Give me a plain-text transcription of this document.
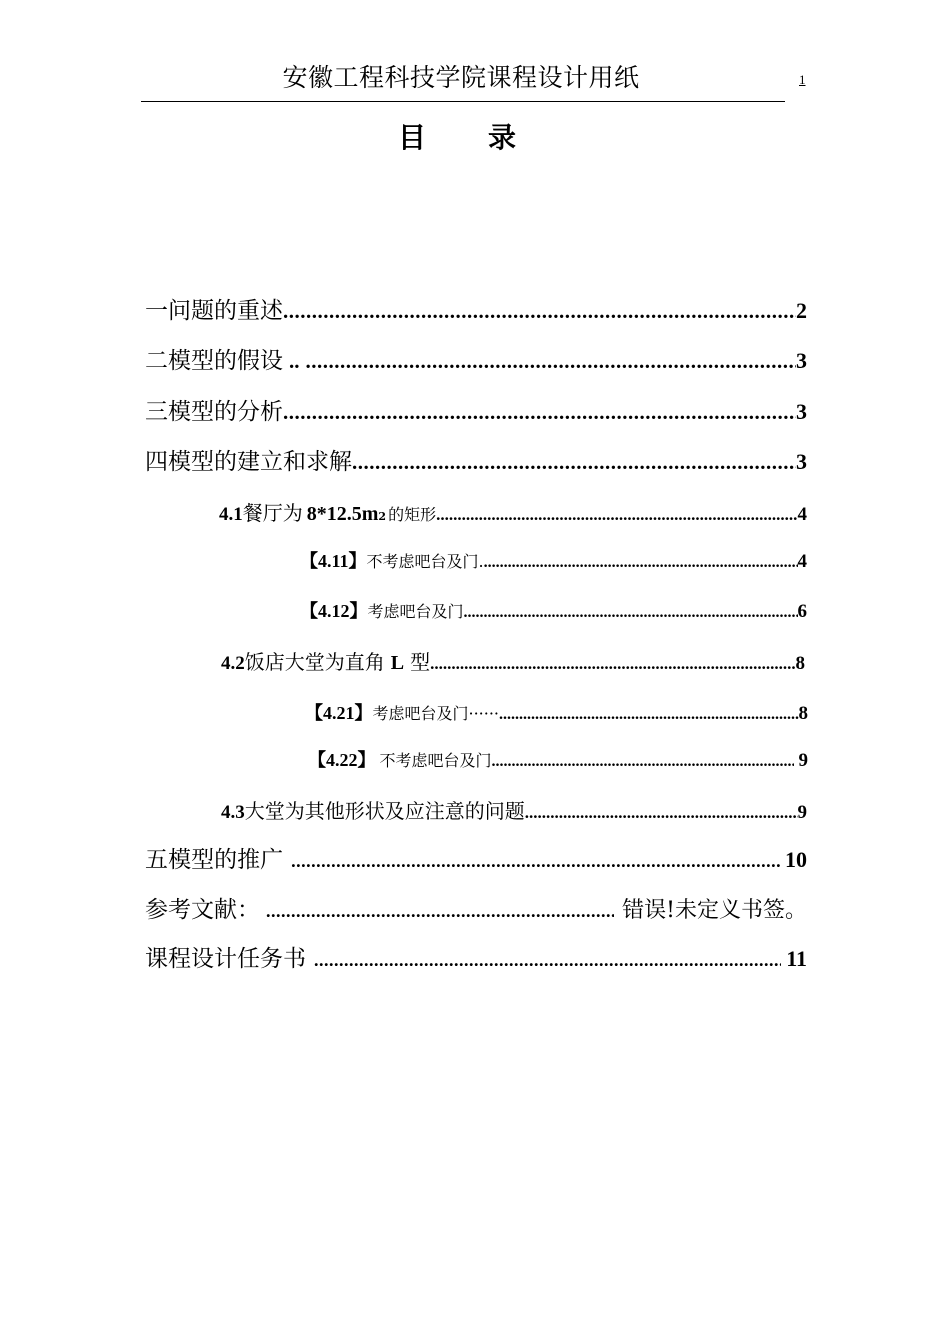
安徽工程科技学院课程设计用纸	1
目 录
一 问题的重述 .....	2
二 模型的假设 .. .....	3
三 模型的分析 .....	3
四 模型的建立和求解 .....	3
4.1 餐厅为 8*12.5m2 的矩形 .....	4
【4.11】 不考虑吧台及门. .....	4
【4.12】 考虑吧台及门 .....	6
4.2 饭店大堂为直角 L 型 .....	8
【4.21】 考虑吧台及门······ .....	8
【4.22】 不考虑吧台及门 .....	9
4.3 大堂为其他形状及应注意的问题 .....	9
五 模型的推广 .....	10
参考文献： .....	错误!未定义书签。
课程设计任务书 .....	11
